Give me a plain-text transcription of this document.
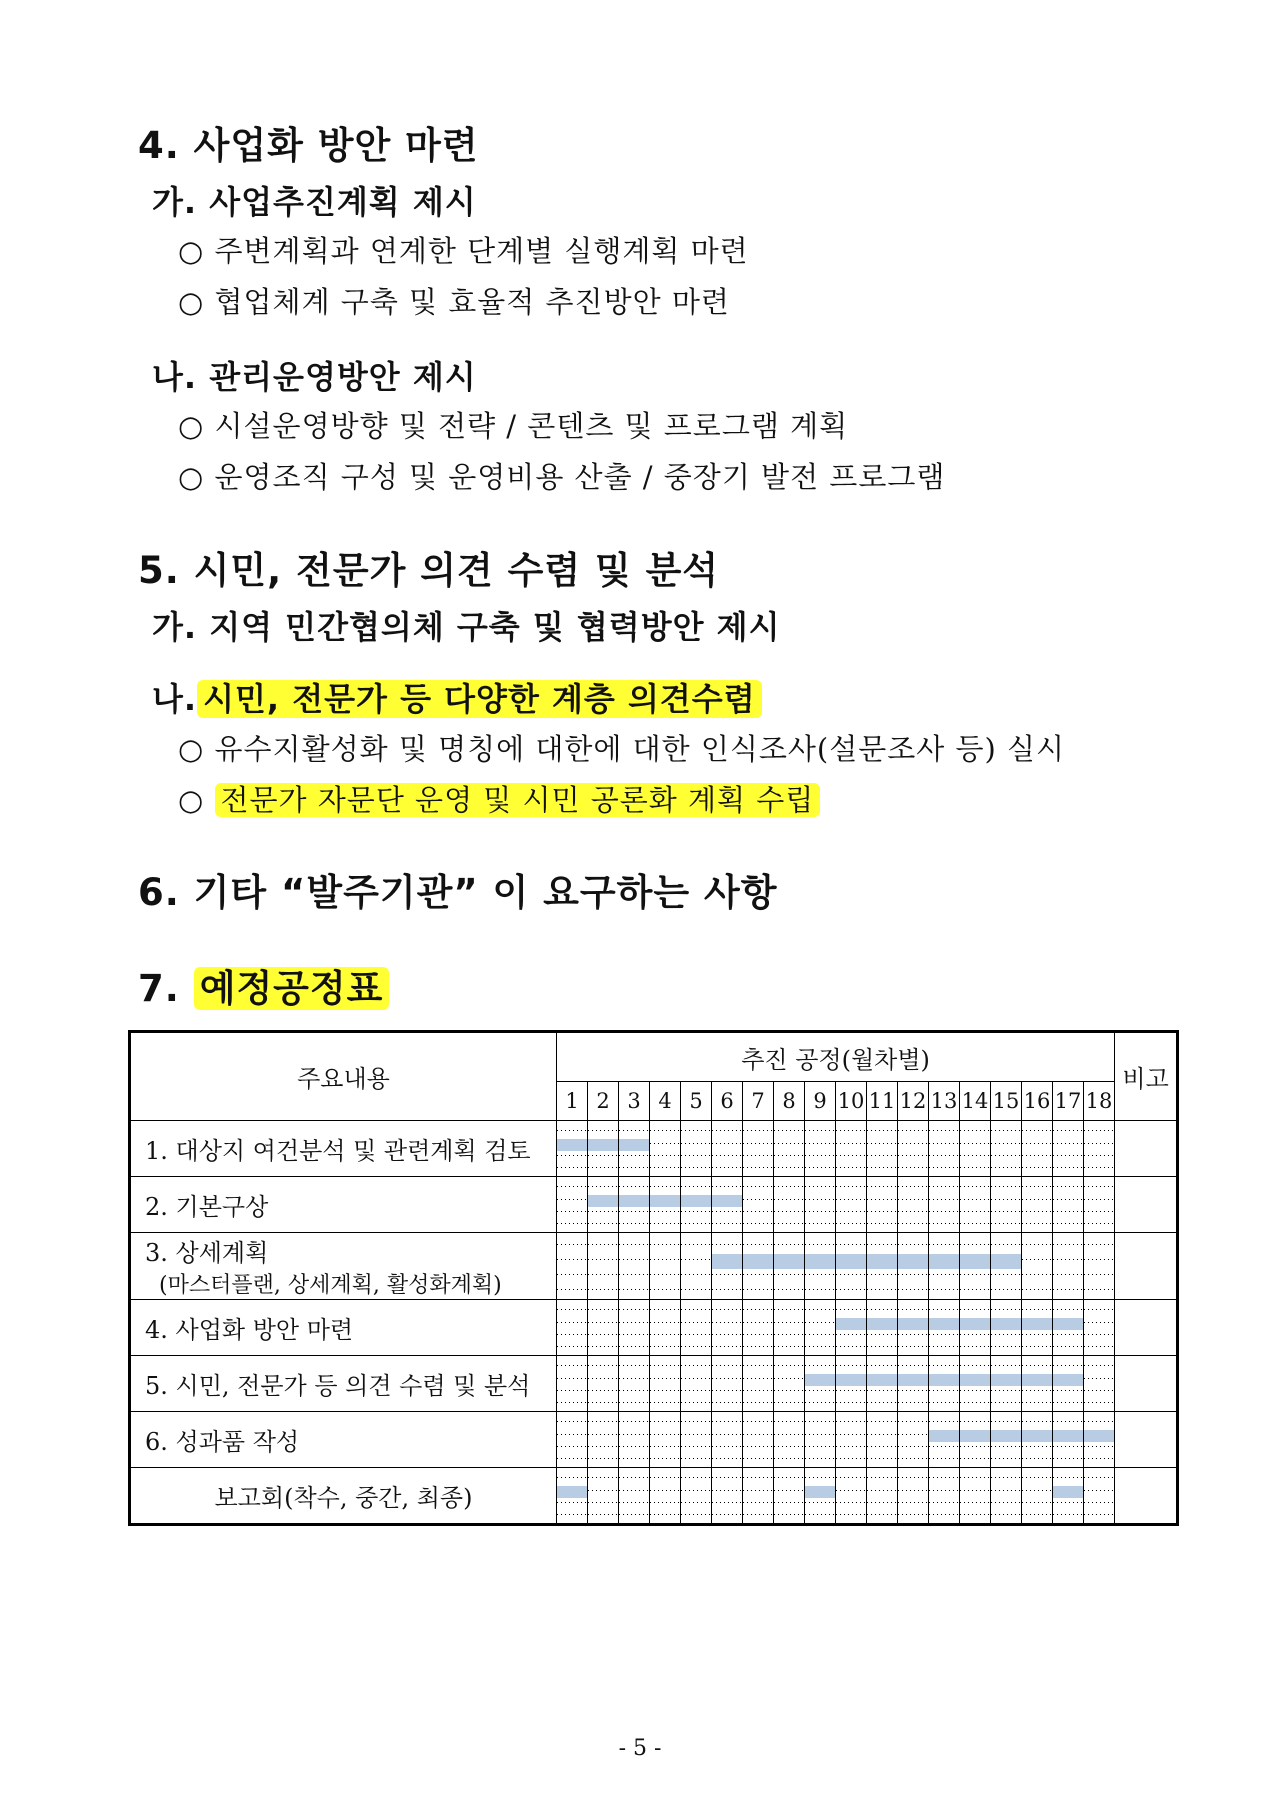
4. 사업화 방안 마련
가. 사업추진계획 제시
○ 주변계획과 연계한 단계별 실행계획 마련
○ 협업체계 구축 및 효율적 추진방안 마련
나. 관리운영방안 제시
○ 시설운영방향 및 전략 / 콘텐츠 및 프로그램 계획
○ 운영조직 구성 및 운영비용 산출 / 중장기 발전 프로그램
5. 시민, 전문가 의견 수렴 및 분석
가. 지역 민간협의체 구축 및 협력방안 제시
나. 시민, 전문가 등 다양한 계층 의견수렴
○ 유수지활성화 및 명칭에 대한에 대한 인식조사(설문조사 등) 실시
○ 전문가 자문단 운영 및 시민 공론화 계획 수립
6. 기타 “발주기관” 이 요구하는 사항
7. 예정공정표
주요내용	추진 공정(월차별)																		비고
	1	2	3	4	5	6	7	8	9	10	11	12	13	14	15	16	17	18	
1. 대상지 여건분석 및 관련계획 검토																			
2. 기본구상																			
3. 상세계획
(마스터플랜, 상세계획, 활성화계획)																			

4. 사업화 방안 마련																			
5. 시민, 전문가 등 의견 수렴 및 분석																			
6. 성과품 작성																			
보고회(착수, 중간, 최종)																			
- 5 -
